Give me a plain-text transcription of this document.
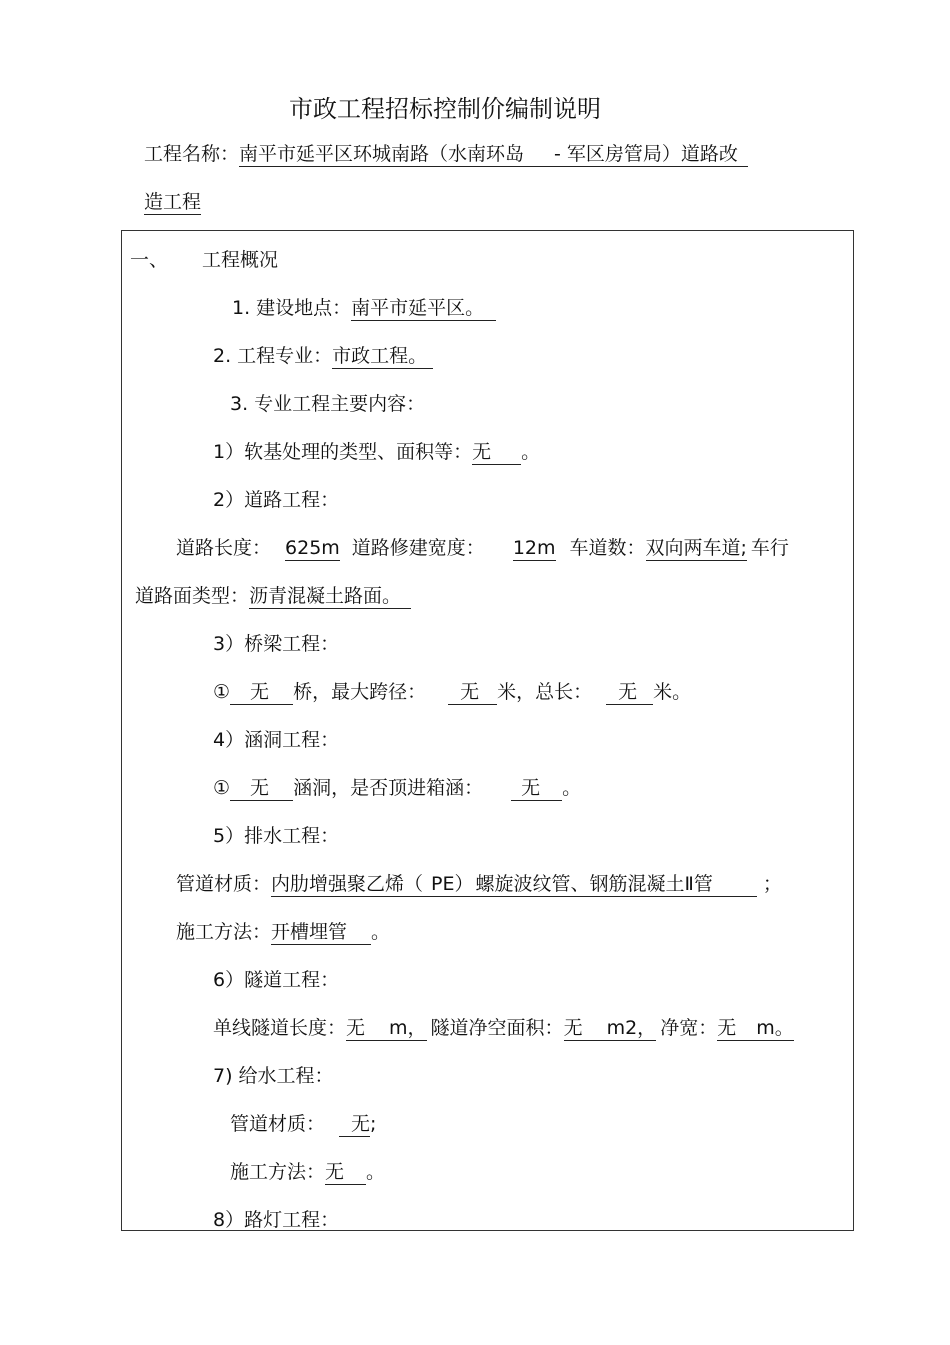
市政工程招标控制价编制说明
工程名称：南平市延平区环城南路（水南环岛 - 军区房管局）道路改
造工程
一、 工程概况
1. 建设地点：南平市延平区。
2. 工程专业：市政工程。
3. 专业工程主要内容：
1）软基处理的类型、面积等：无 。
2）道路工程：
道路长度： 625m 道路修建宽度： 12m 车道数：双向两车道; 车行
道路面类型：沥青混凝土路面。
3）桥梁工程：
① 无 桥，最大跨径： 无 米，总长： 无 米。
4）涵洞工程：
① 无 涵洞，是否顶进箱涵： 无 。
5）排水工程：
管道材质：内肋增强聚乙烯（ PE） 螺旋波纹管、钢筋混凝土Ⅱ管	；
施工方法：开槽埋管 。
6）隧道工程：
单线隧道长度：无 m， 隧道净空面积：无 m2， 净宽：无 m。
7) 给水工程：
管道材质： 无;
施工方法：无 。
8）路灯工程：
